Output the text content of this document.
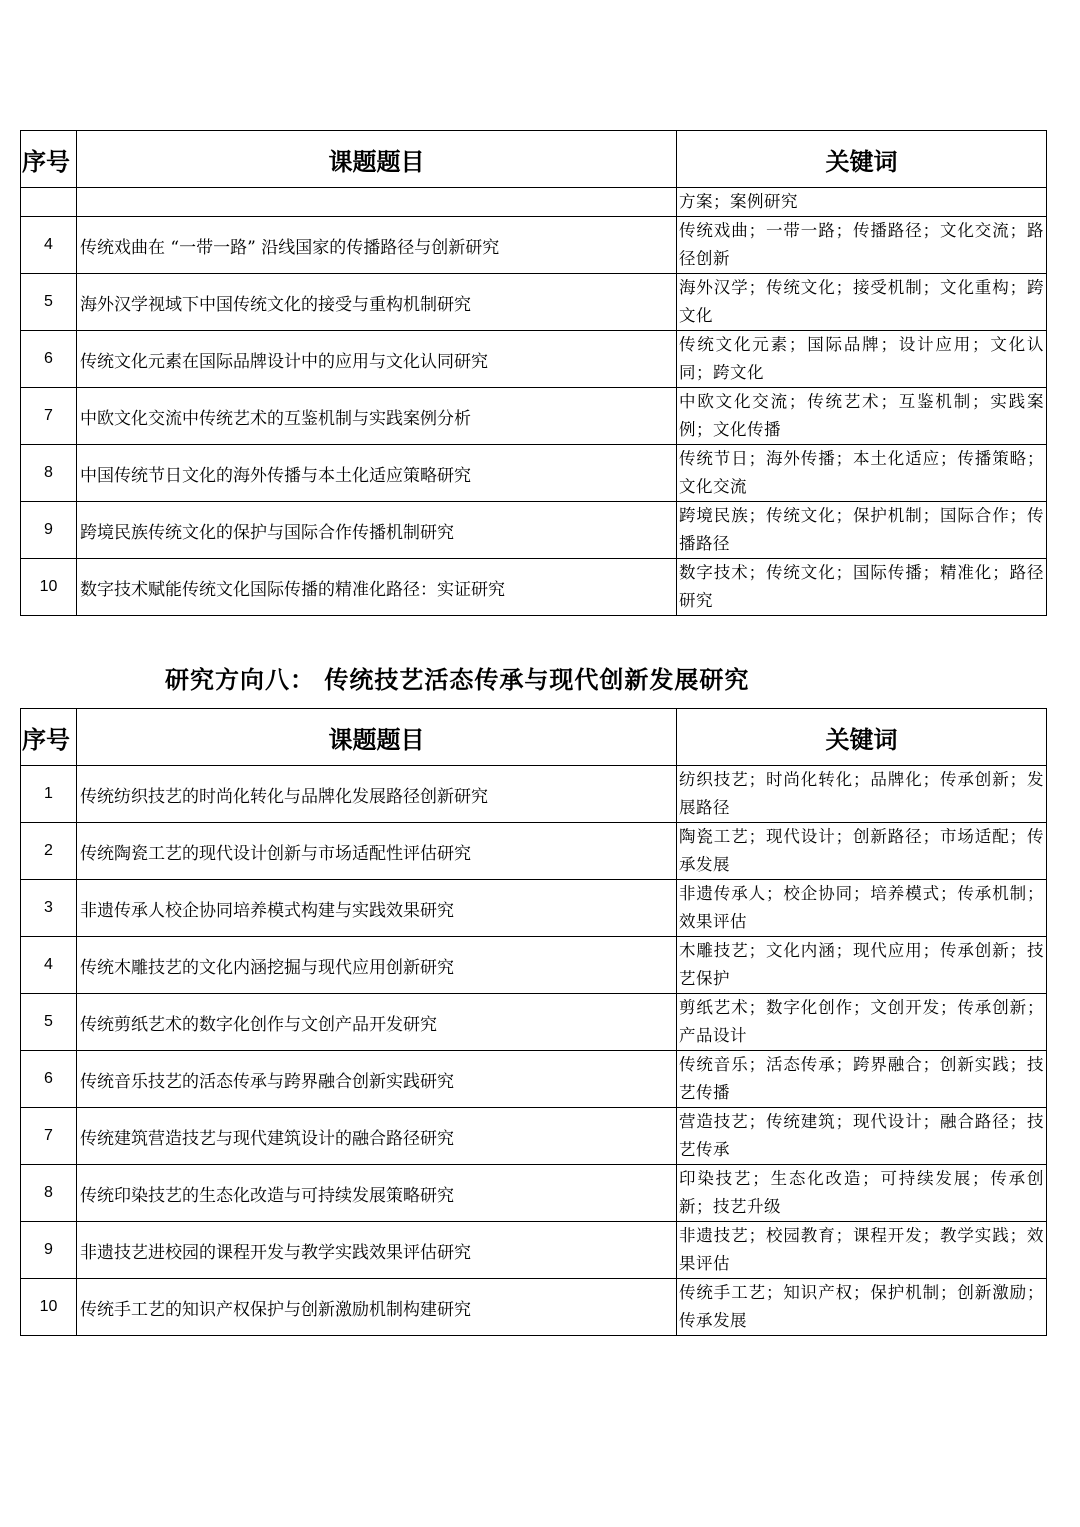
序号	课题题目	关键词
		方案；案例研究
4	传统戏曲在 “一带一路” 沿线国家的传播路径与创新研究	传统戏曲；一带一路；传播路径；文化交流；路径创新
5	海外汉学视域下中国传统文化的接受与重构机制研究	海外汉学；传统文化；接受机制；文化重构；跨文化
6	传统文化元素在国际品牌设计中的应用与文化认同研究	传统文化元素；国际品牌；设计应用；文化认同；跨文化
7	中欧文化交流中传统艺术的互鉴机制与实践案例分析	中欧文化交流；传统艺术；互鉴机制；实践案例；文化传播
8	中国传统节日文化的海外传播与本土化适应策略研究	传统节日；海外传播；本土化适应；传播策略；文化交流
9	跨境民族传统文化的保护与国际合作传播机制研究	跨境民族；传统文化；保护机制；国际合作；传播路径
10	数字技术赋能传统文化国际传播的精准化路径：实证研究	数字技术；传统文化；国际传播；精准化；路径研究
研究方向八： 传统技艺活态传承与现代创新发展研究
序号	课题题目	关键词
1	传统纺织技艺的时尚化转化与品牌化发展路径创新研究	纺织技艺；时尚化转化；品牌化；传承创新；发展路径
2	传统陶瓷工艺的现代设计创新与市场适配性评估研究	陶瓷工艺；现代设计；创新路径；市场适配；传承发展
3	非遗传承人校企协同培养模式构建与实践效果研究	非遗传承人；校企协同；培养模式；传承机制；效果评估
4	传统木雕技艺的文化内涵挖掘与现代应用创新研究	木雕技艺；文化内涵；现代应用；传承创新；技艺保护
5	传统剪纸艺术的数字化创作与文创产品开发研究	剪纸艺术；数字化创作；文创开发；传承创新；产品设计
6	传统音乐技艺的活态传承与跨界融合创新实践研究	传统音乐；活态传承；跨界融合；创新实践；技艺传播
7	传统建筑营造技艺与现代建筑设计的融合路径研究	营造技艺；传统建筑；现代设计；融合路径；技艺传承
8	传统印染技艺的生态化改造与可持续发展策略研究	印染技艺；生态化改造；可持续发展；传承创新；技艺升级
9	非遗技艺进校园的课程开发与教学实践效果评估研究	非遗技艺；校园教育；课程开发；教学实践；效果评估
10	传统手工艺的知识产权保护与创新激励机制构建研究	传统手工艺；知识产权；保护机制；创新激励；传承发展
